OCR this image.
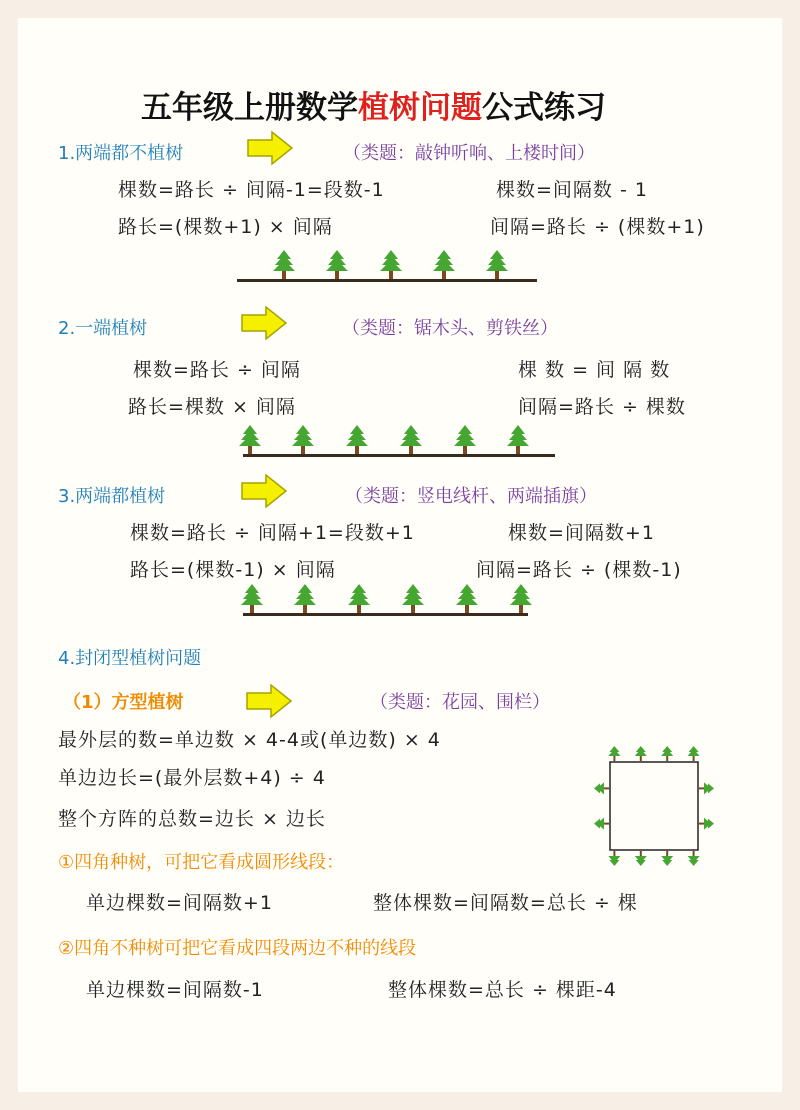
五年级上册数学植树问题公式练习
1.两端都不植树	（类题：敲钟听响、上楼时间）
棵数=路长 ÷ 间隔-1=段数-1	棵数=间隔数 - 1
路长=(棵数+1) × 间隔	间隔=路长 ÷ (棵数+1)
2.一端植树	（类题：锯木头、剪铁丝）
棵数=路长 ÷ 间隔	棵 数 = 间 隔 数
路长=棵数 × 间隔	间隔=路长 ÷ 棵数
3.两端都植树	（类题：竖电线杆、两端插旗）
棵数=路长 ÷ 间隔+1=段数+1	棵数=间隔数+1
路长=(棵数-1) × 间隔	间隔=路长 ÷ (棵数-1)
4.封闭型植树问题
（1）方型植树	（类题：花园、围栏）
最外层的数=单边数 × 4-4或(单边数) × 4
单边边长=(最外层数+4) ÷ 4
整个方阵的总数=边长 × 边长
①四角种树，可把它看成圆形线段：
单边棵数=间隔数+1	整体棵数=间隔数=总长 ÷ 棵
②四角不种树可把它看成四段两边不种的线段
单边棵数=间隔数-1	整体棵数=总长 ÷ 棵距-4
